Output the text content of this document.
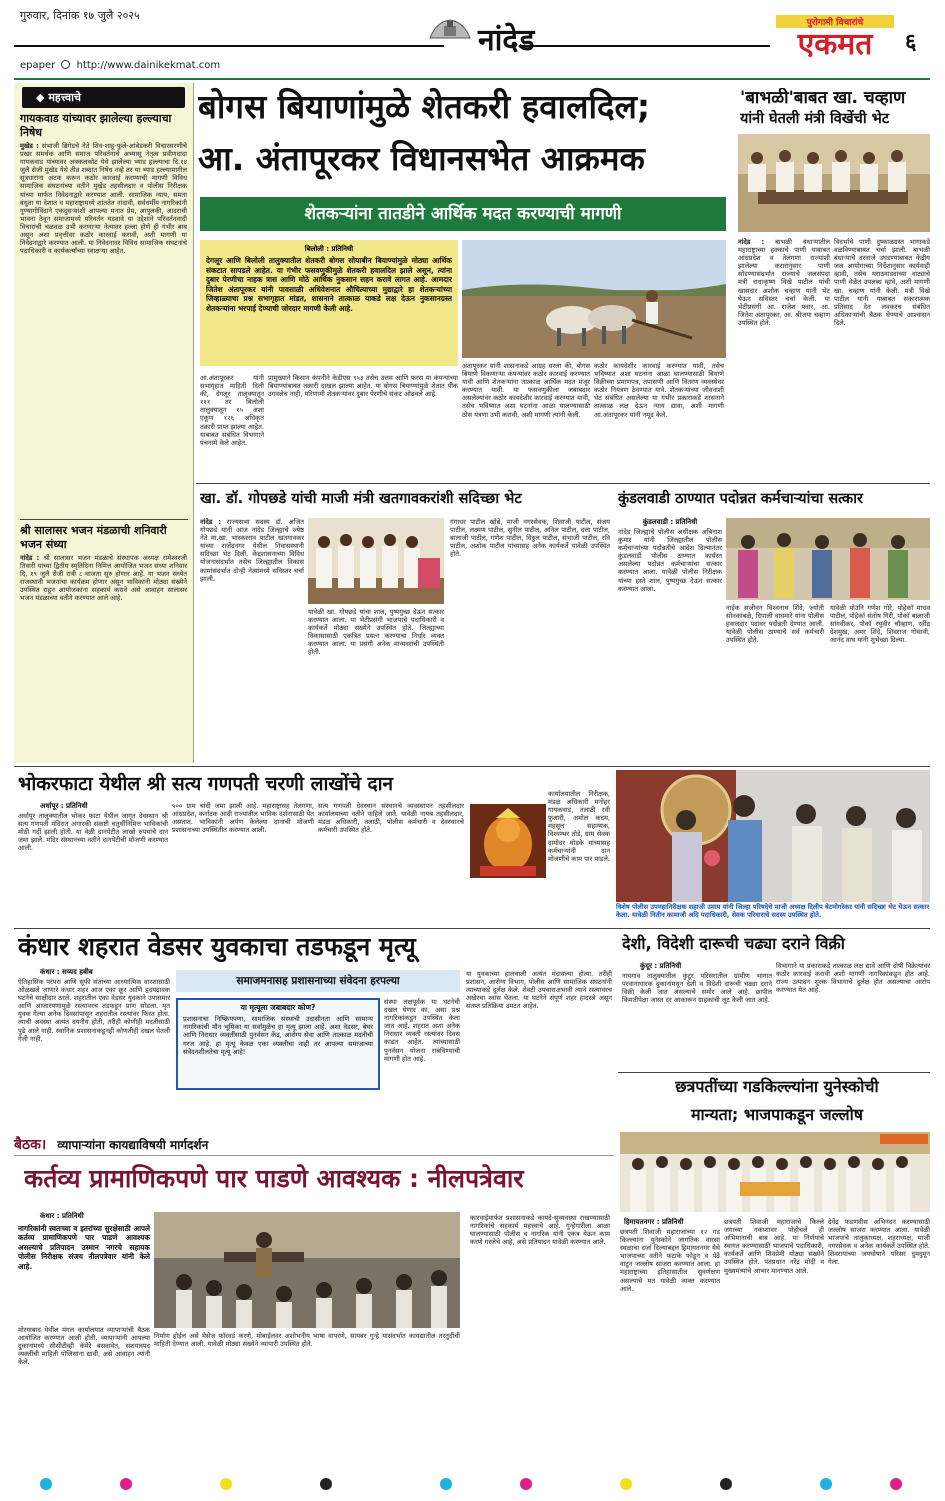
गुरुवार, दिनांक १७ जुलै २०२५
epaper http://www.dainikekmat.com
नांदेड	पुरोगामी विचारांचे
एकमत	६
◆ महत्त्वाचे
गायकवाड यांच्यावर झालेल्या हल्ल्याचा निषेध
मुखेड : संभाजी ब्रिगेडचे नेते शिव-शाहू-फुले-आंबेडकरी विचारसरणीचे प्रखर समर्थक आणि समाज परिवर्तनाचे अभ्यासू नेतृत्व प्रवीणदादा गायकवाड यांच्यावर अक्कलकोट येथे झालेल्या भ्याड हल्ल्याचा दि.१४ जुलै रोजी मुखेड येथे तीव्र शब्दात निषेध नव्हे तर या भ्याड हल्ल्यामागील सूत्रधारांना अटक करून कठोर कारवाई करण्याची मागणी विविध सामाजिक संघटनांच्या वतीने मुखेड तहसीलदार व पोलीस निरीक्षक यांच्या मार्फत निवेदनाद्वारे करण्यात आली. सामाजिक न्याय, समता बंधुता या देशात व महाराष्ट्रामध्ये शांततेत नांदावी, सर्वधर्मीय नागरिकांनी गुण्यागोविंदाने एकदुसऱ्यांशी आपल्या मनात प्रेम, आपुलकी, आदराची भावना ठेवून समाजामध्ये परिवर्तन घडवावे या उद्देशाने परिवर्तनवादी विचारांची चळवळ उभी करणाऱ्या नेत्यावर हल्ला होणे ही गंभीर बाब असून अशा प्रवृत्तीवर कठोर कारवाई करावी, अशी मागणी या निवेदनाद्वारे करण्यात आली. या निवेदनावर विविध सामाजिक संघटनांचे पदाधिकारी व कार्यकर्त्यांच्या स्वाक्षऱ्या आहेत.
श्री सालासर भजन मंडळाची शनिवारी भजन संध्या
नांदेड : श्री सालासर भजन मंडळाचे संस्थापक अध्यक्ष रामेश्वरजी तिवारी यांच्या द्वितीय स्मृतिदिना निमित्त आयोजित भजन संध्या शनिवार दि. १९ जुलै रोजी रात्री ८ वाजता सुरु होणार आहे. या भजन संध्येत राजस्थानी भजनांचा कार्यक्रम होणार असून भाविकांनी मोठ्या संख्येने उपस्थित राहून आयोजकांना सहकार्य करावे असे आवाहन सालासर भजन मंडळाच्या वतीने करण्यात आले आहे.
बोगस बियाणांमुळे शेतकरी हवालदिल;
आ. अंतापूरकर विधानसभेत आक्रमक
शेतकऱ्यांना तातडीने आर्थिक मदत करण्याची मागणी
बिलोली : प्रतिनिधी
देगलूर आणि बिलोली तालुक्यातील शेतकरी बोगस सोयाबीन बियाण्यांमुळे मोठ्या आर्थिक संकटात सापडले आहेत. या गंभीर फसवणुकीमुळे शेतकरी हवालदिल झाले असून, त्यांना दुबार पेरणीचा नाहक त्रास आणि मोठे आर्थिक नुकसान सहन करावे लागत आहे. आमदार जितेश अंतापूरकर यांनी पावसाळी अधिवेशनात औचित्याच्या मुद्याद्वारे हा शेतकऱ्यांच्या जिव्हाळ्याचा प्रश्न सभागृहात मांडत, शासनाने तात्काळ याकडे लक्ष देऊन नुकसानग्रस्त शेतकऱ्यांना भरपाई देण्याची जोरदार मागणी केली आहे.
आ.अंतापूरकर यांनी सभागृहात माहिती दिली की, देगलूर तालुक्यातून १११ तर बिलोली तालुक्यातून १५ अशा एकूण १२६ अधिकृत तक्रारी प्राप्त झाल्या आहेत. याबाबत संबंधित विभागाने पंचनामे केले आहेत.
प्रामुख्याने किसान कंपनीने केडीएस ९५३ तसेच उत्तम आणि फरस या कंपन्यांच्या बियाण्यांबाबत तक्रारी दाखल झाल्या आहेत. या बोगस बियाण्यांमुळे शेतात पीक उगवलेच नाही, परिणामी शेतकऱ्यांवर दुबार पेरणीचे संकट ओढवले आहे.
अंतापूरकर यांनी शासनाकडे आग्रह धरला की, बोगस बियाणे विकणाऱ्या कंपन्यांवर कठोर कारवाई करण्यात यावी आणि शेतकऱ्यांना तात्काळ आर्थिक मदत मंजूर करण्यात यावी. या फसवणुकीला जबाबदार असलेल्यांवर कठोर कायदेशीर कारवाई करण्यात यावी, तसेच भविष्यात अशा घटनांना आळा घालण्यासाठी ठोस यंत्रणा उभी करावी, अशी मागणी त्यांनी केली.
कठोर कायदेशीर कारवाई करण्यात यावी, तसेच भविष्यात अशा घटनांना आळा घालण्यासाठी बियाणे विक्रीच्या प्रमाणपत्र, तपासणी आणि वितरण व्यवस्थेवर कठोर नियंत्रण ठेवण्यात यावे. शेतकऱ्यांच्या जीवनाशी थेट संबंधित असलेल्या या गंभीर प्रकाराकडे शासनाने तात्काळ लक्ष देऊन न्याय द्यावा, अशी मागणी आ.अंतापूरकर यांनी नमूद केले.
'बाभळी'बाबत खा. चव्हाण
यांनी घेतली मंत्री विखेंची भेट
नांदेड : बाभळी बंधाऱ्यातील महाराष्ट्राच्या हक्काचे पाणी याबाबत आंध्रप्रदेश व तेलंगणा राज्यांशी झालेल्या करारानुसार पाणी सोडण्यासंदर्भात राज्याचे जलसंपदा मंत्री राधाकृष्ण विखे पाटील यांची खासदार अशोक चव्हाण यांनी भेट घेऊन सविस्तर चर्चा केली. या भेटीप्रसंगी आ. राजेश पवार, आ. जितेश अंतापूरकर, आ. श्रीजया चव्हाण उपस्थित होते.
विदर्भाचे पाणी दुष्काळग्रस्त भागाकडे वळविण्याबाबत चर्चा झाली. बाभळी बंधाऱ्याचे दरवाजे उघडण्याबाबत केंद्रीय जल आयोगाच्या निर्देशानुसार कार्यवाही व्हावी, तसेच मराठवाड्याच्या वाट्याचे पाणी वेळेत उपलब्ध व्हावे, अशी मागणी खा. चव्हाण यांनी केली. मंत्री विखे पाटील यांनी याबाबत सकारात्मक प्रतिसाद देत लवकरच संबंधित अधिकाऱ्यांची बैठक घेण्याचे आश्वासन दिले.
खा. डॉ. गोपछडे यांची माजी मंत्री खतगावकरांशी सदिच्छा भेट
नांदेड : राज्यसभा सदस्य डॉ. अजित गोपछडे यांनी आज नांदेड जिल्ह्याचे ज्येष्ठ नेते मा.खा. भास्करराव पाटील खतगावकर यांच्या राजेंद्रनगर येथील निवासस्थानी सदिच्छा भेट दिली. केंद्रशासनाच्या विविध योजनांसंदर्भात तसेच जिल्ह्यातील विकास कामांसंदर्भात दोन्ही नेत्यांमध्ये सविस्तर चर्चा झाली.
यावेळी खा. गोपछडे यांचा शाल, पुष्पगुच्छ देऊन सत्कार करण्यात आला. या भेटीप्रसंगी भाजपाचे पदाधिकारी व कार्यकर्ते मोठ्या संख्येने उपस्थित होते. जिल्ह्याच्या विकासासाठी एकत्रित प्रयत्न करण्याचा निर्धार व्यक्त करण्यात आला. या प्रसंगी अनेक मान्यवरांची उपस्थिती होती.
गंगाधर पाटील खोब्रे, माजी नगरसेवक, शिवाजी पाटील, संजय पाटील, लक्ष्मण पाटील, सुनील पाटील, अनिल पाटील, दत्ता पाटील, बालाजी पाटील, गणेश पाटील, विठ्ठल पाटील, संभाजी पाटील, रवि पाटील, अशोक पाटील यांच्यासह अनेक कार्यकर्ते यावेळी उपस्थित होते.
कुंडलवाडी ठाण्यात पदोन्नत कर्मचाऱ्यांचा सत्कार
कुंडलवाडी : प्रतिनिधी
नांदेड जिल्ह्याचे पोलीस अधीक्षक अबिनाश कुमार यांनी जिल्ह्यातील पोलीस कर्मचाऱ्यांच्या पदोन्नतीचे आदेश दिल्यानंतर कुंडलवाडी पोलीस ठाण्यात कार्यरत असलेल्या पदोन्नत कर्मचाऱ्यांचा सत्कार करण्यात आला. यावेळी पोलीस निरीक्षक यांच्या हस्ते शाल, पुष्पगुच्छ देऊन सत्कार करण्यात आला.
नाईक संजीवन विश्वनाथ शिंदे, ज्योती सोनकांबळे, दिपाली वाघमारे यांना पोलीस हवालदार पदावर पदोन्नती देण्यात आली. यावेळी पोलीस ठाण्याचे सर्व कर्मचारी उपस्थित होते.
यावेळी पोउनि गणेश गोरे, पोहेकॉ माधव पाटील, पोहेकॉ संतोष गिरी, पोकॉ बालाजी सांगवीकर, पोकॉ रघुवीर चौव्हाण, रवींद्र देशमुख, अमर शिंदे, शिवराज गोसावी, आनंद वाघ यांनी शुभेच्छा दिल्या.
भोकरफाटा येथील श्री सत्य गणपती चरणी लाखोंचे दान
अर्धापूर : प्रतिनिधी
अर्धापूर तालुक्यातील भोकर फाटा येथील जागृत देवस्थान श्री सत्य गणपती मंदिरात अंगारकी संकष्टी चतुर्थीनिमित्त भाविकांची मोठी गर्दी झाली होती. या वेळी दानपेटीत लाखो रुपयांचे दान जमा झाले. मंदिर संस्थानच्या वतीने दानपेटीची मोजणी करण्यात आली.
५०० ग्राम चांदी जमा झाली आहे. महाराष्ट्रासह तेलंगणा, आंध्रप्रदेश, कर्नाटक आदी राज्यांतील भाविक दर्शनासाठी येत असतात. भाविकांनी अर्पण केलेल्या दानाची मोजणी प्रशासनाच्या उपस्थितीत करण्यात आली.
सत्य गणपती देवस्थान संस्थानचे व्यवस्थापन तहसीलदार कार्यालयाच्या वतीने पाहिले जाते. यावेळी नायब तहसीलदार, मंडळ अधिकारी, तलाठी, पोलीस कर्मचारी व देवस्थानचे कर्मचारी उपस्थित होते.
कार्यालयातील निरीक्षक, मंडळ अधिकारी मनोहर गायकवाड, तलाठी रवी फुलारी, अमोल कदम, महसूल सहाय्यक, विश्वम्भर तोडे, ग्राम सेवक दामोदर घोडके यांच्यासह कर्मचाऱ्यांनी दान मोजणीचे काम पार पाडले.
विशेष पोलीस उपमहानिरीक्षक शहाजी उमाप यांनी जिल्हा परिषदेचे माजी अध्यक्ष दिलीप बेटमोगरेकर यांनी सदिच्छा भेट घेऊन सत्कार केला. यावेळी नितीन कामाजी अदि पदाधिकारी, सेवक परिवाराचे सदस्य उपस्थित होते.
कंधार शहरात वेडसर युवकाचा तडफडून मृत्यू
कंधार : सय्यद हबीब
ऐतिहासिक परंपरा आणि सूफी संतांच्या आध्यात्मिक वारशासाठी ओळखले जाणारे कंधार शहर आज एका क्रूर आणि हृदयद्रावक घटनेचे साक्षीदार ठरले. शहरातील एका वेडसर युवकाने उपासमार आणि आजारपणामुळे रस्त्यावरच तडफडून प्राण सोडला. मृत युवक गेल्या अनेक दिवसांपासून शहरातील रस्त्यांवर फिरत होता. त्याची अवस्था अत्यंत दयनीय होती, तरीही कोणीही मदतीसाठी पुढे आले नाही. स्थानिक प्रशासनाकडूनही कोणतीही दखल घेतली गेली नाही.
समाजमनासह प्रशासनाच्या संवेदना हरपल्या
या मृत्यूला जबाबदार कोण?
प्रशासनाचा निष्क्रियपणा, सामाजिक संस्थांची उदासीनता आणि सामान्य नागरिकांची मौन भूमिका या सर्वांमुळेच हा मृत्यू झाला आहे. अशा वेडसर, बेघर आणि निराधार व्यक्तींसाठी पुनर्वसन केंद्र, आरोग्य सेवा आणि तात्काळ मदतीची गरज आहे. हा मृत्यू केवळ एका व्यक्तीचा नाही तर आपल्या समाजाच्या संवेदनशीलतेचा मृत्यू आहे!
संस्था लक्षपूर्वक या घटनेची दखल घेणार का, असा प्रश्न नागरिकांकडून उपस्थित केला जात आहे. शहरात अशा अनेक निराधार व्यक्ती रस्त्यांवर दिवस काढत आहेत. त्यांच्यासाठी पुनर्वसन योजना राबविण्याची मागणी होत आहे.
या युवकाच्या हालचाली अत्यंत मंदावल्या होत्या. तरीही प्रशासन, आरोग्य विभाग, पोलीस आणि सामाजिक संघटनांनी त्याच्याकडे दुर्लक्ष केले. शेवटी उपचाराअभावी त्याने रस्त्यावरच अखेरचा श्वास घेतला. या घटनेने संपूर्ण शहर हादरले असून संतप्त प्रतिक्रिया उमटत आहेत.
देशी, विदेशी दारूची चढ्या दराने विक्री
कुंदूर : प्रतिनिधी
नायगाव तालुक्यातील कुंटूर परिसरातील ग्रामीण भागात परवानाधारक दुकानांमधून देशी व विदेशी दारूची चढ्या दराने विक्री केली जात असल्याचे समोर आले आहे. छापील किमतीपेक्षा जास्त दर आकारून ग्राहकांची लूट केली जात आहे.
विभागाने या प्रकाराकडे तात्काळ लक्ष द्यावे आणि दोषी विक्रेत्यांवर कठोर कारवाई करावी अशी मागणी नागरिकांकडून होत आहे. राज्य उत्पादन शुल्क विभागाचे दुर्लक्ष होत असल्याचा आरोप करण्यात येत आहे.
छत्रपतींच्या गडकिल्ल्यांना युनेस्कोची
मान्यता; भाजपाकडून जल्लोष
बैठक। व्यापाऱ्यांना कायद्याविषयी मार्गदर्शन
कर्तव्य प्रामाणिकपणे पार पाडणे आवश्यक : नीलपत्रेवार
कंधार : प्रतिनिधी
नागरिकांनी स्वतःच्या व इतरांच्या सुरक्षेसाठी आपले कर्तव्य प्रामाणिकपणे पार पाडणे आवश्यक असल्याचे प्रतिपादन उस्मान नगरचे सहायक पोलीस निरीक्षक संजय नीलपत्रेवार यांनी केले आहे.
मोरयाबाद येथील मंगल कार्यालयात व्यापाऱ्यांची बैठक आयोजित करण्यात आली होती. व्यापाऱ्यांनी आपल्या दुकानांमध्ये सीसीटीव्ही कॅमेरे बसवावेत, संशयास्पद व्यक्तींची माहिती पोलिसांना द्यावी, असे आवाहन त्यांनी केले.
कारवाईमार्फत प्रशासनाकडे कायदे-सुव्यवस्था राखण्यासाठी नागरिकांचे सहकार्य महत्त्वाचे आहे. गुन्हेगारीला आळा घालण्यासाठी पोलीस व नागरिक यांनी एकत्र येऊन काम करणे गरजेचे आहे, असे प्रतिपादन यावेळी करण्यात आले.
निर्माण होईल असे मेसेज फॉरवर्ड करणे, मोबाईलवर अशोभनीय भाषा वापरणे, सायबर गुन्हे यासंदर्भात कायद्यातील तरतुदींची माहिती देण्यात आली. यावेळी मोठ्या संख्येने व्यापारी उपस्थित होते.
हिमायतनगर : प्रतिनिधी
छत्रपती शिवाजी महाराजांच्या १२ गड किल्ल्यांना युनेस्कोने जागतिक वारसा स्थळाचा दर्जा दिल्याबद्दल हिमायतनगर येथे भाजपाच्या वतीने फटाके फोडून व पेढे वाटून जल्लोष साजरा करण्यात आला. हा महाराष्ट्राच्या इतिहासातील सुवर्णक्षण असल्याचे मत यावेळी व्यक्त करण्यात आले.
छत्रपती शिवाजी महाराजांचे किल्ले जगाच्या नकाशावर पोहोचले ही अभिमानाची बाब आहे. या निर्णयाचे स्वागत करण्यासाठी भाजपाचे पदाधिकारी, कार्यकर्ते आणि शिवप्रेमी मोठ्या संख्येने उपस्थित होते. पंतप्रधान नरेंद्र मोदी व मुख्यमंत्र्यांचे आभार मानण्यात आले.
देवेंद्र फडणवीस अभिनंदन करण्यासाठी जल्लोष साजरा करण्यात आला. यावेळी भाजपाचे तालुकाध्यक्ष, शहराध्यक्ष, माजी नगरसेवक व अनेक कार्यकर्ते उपस्थित होते. शिवरायांच्या जयघोषाने परिसर दुमदुमून गेला.
